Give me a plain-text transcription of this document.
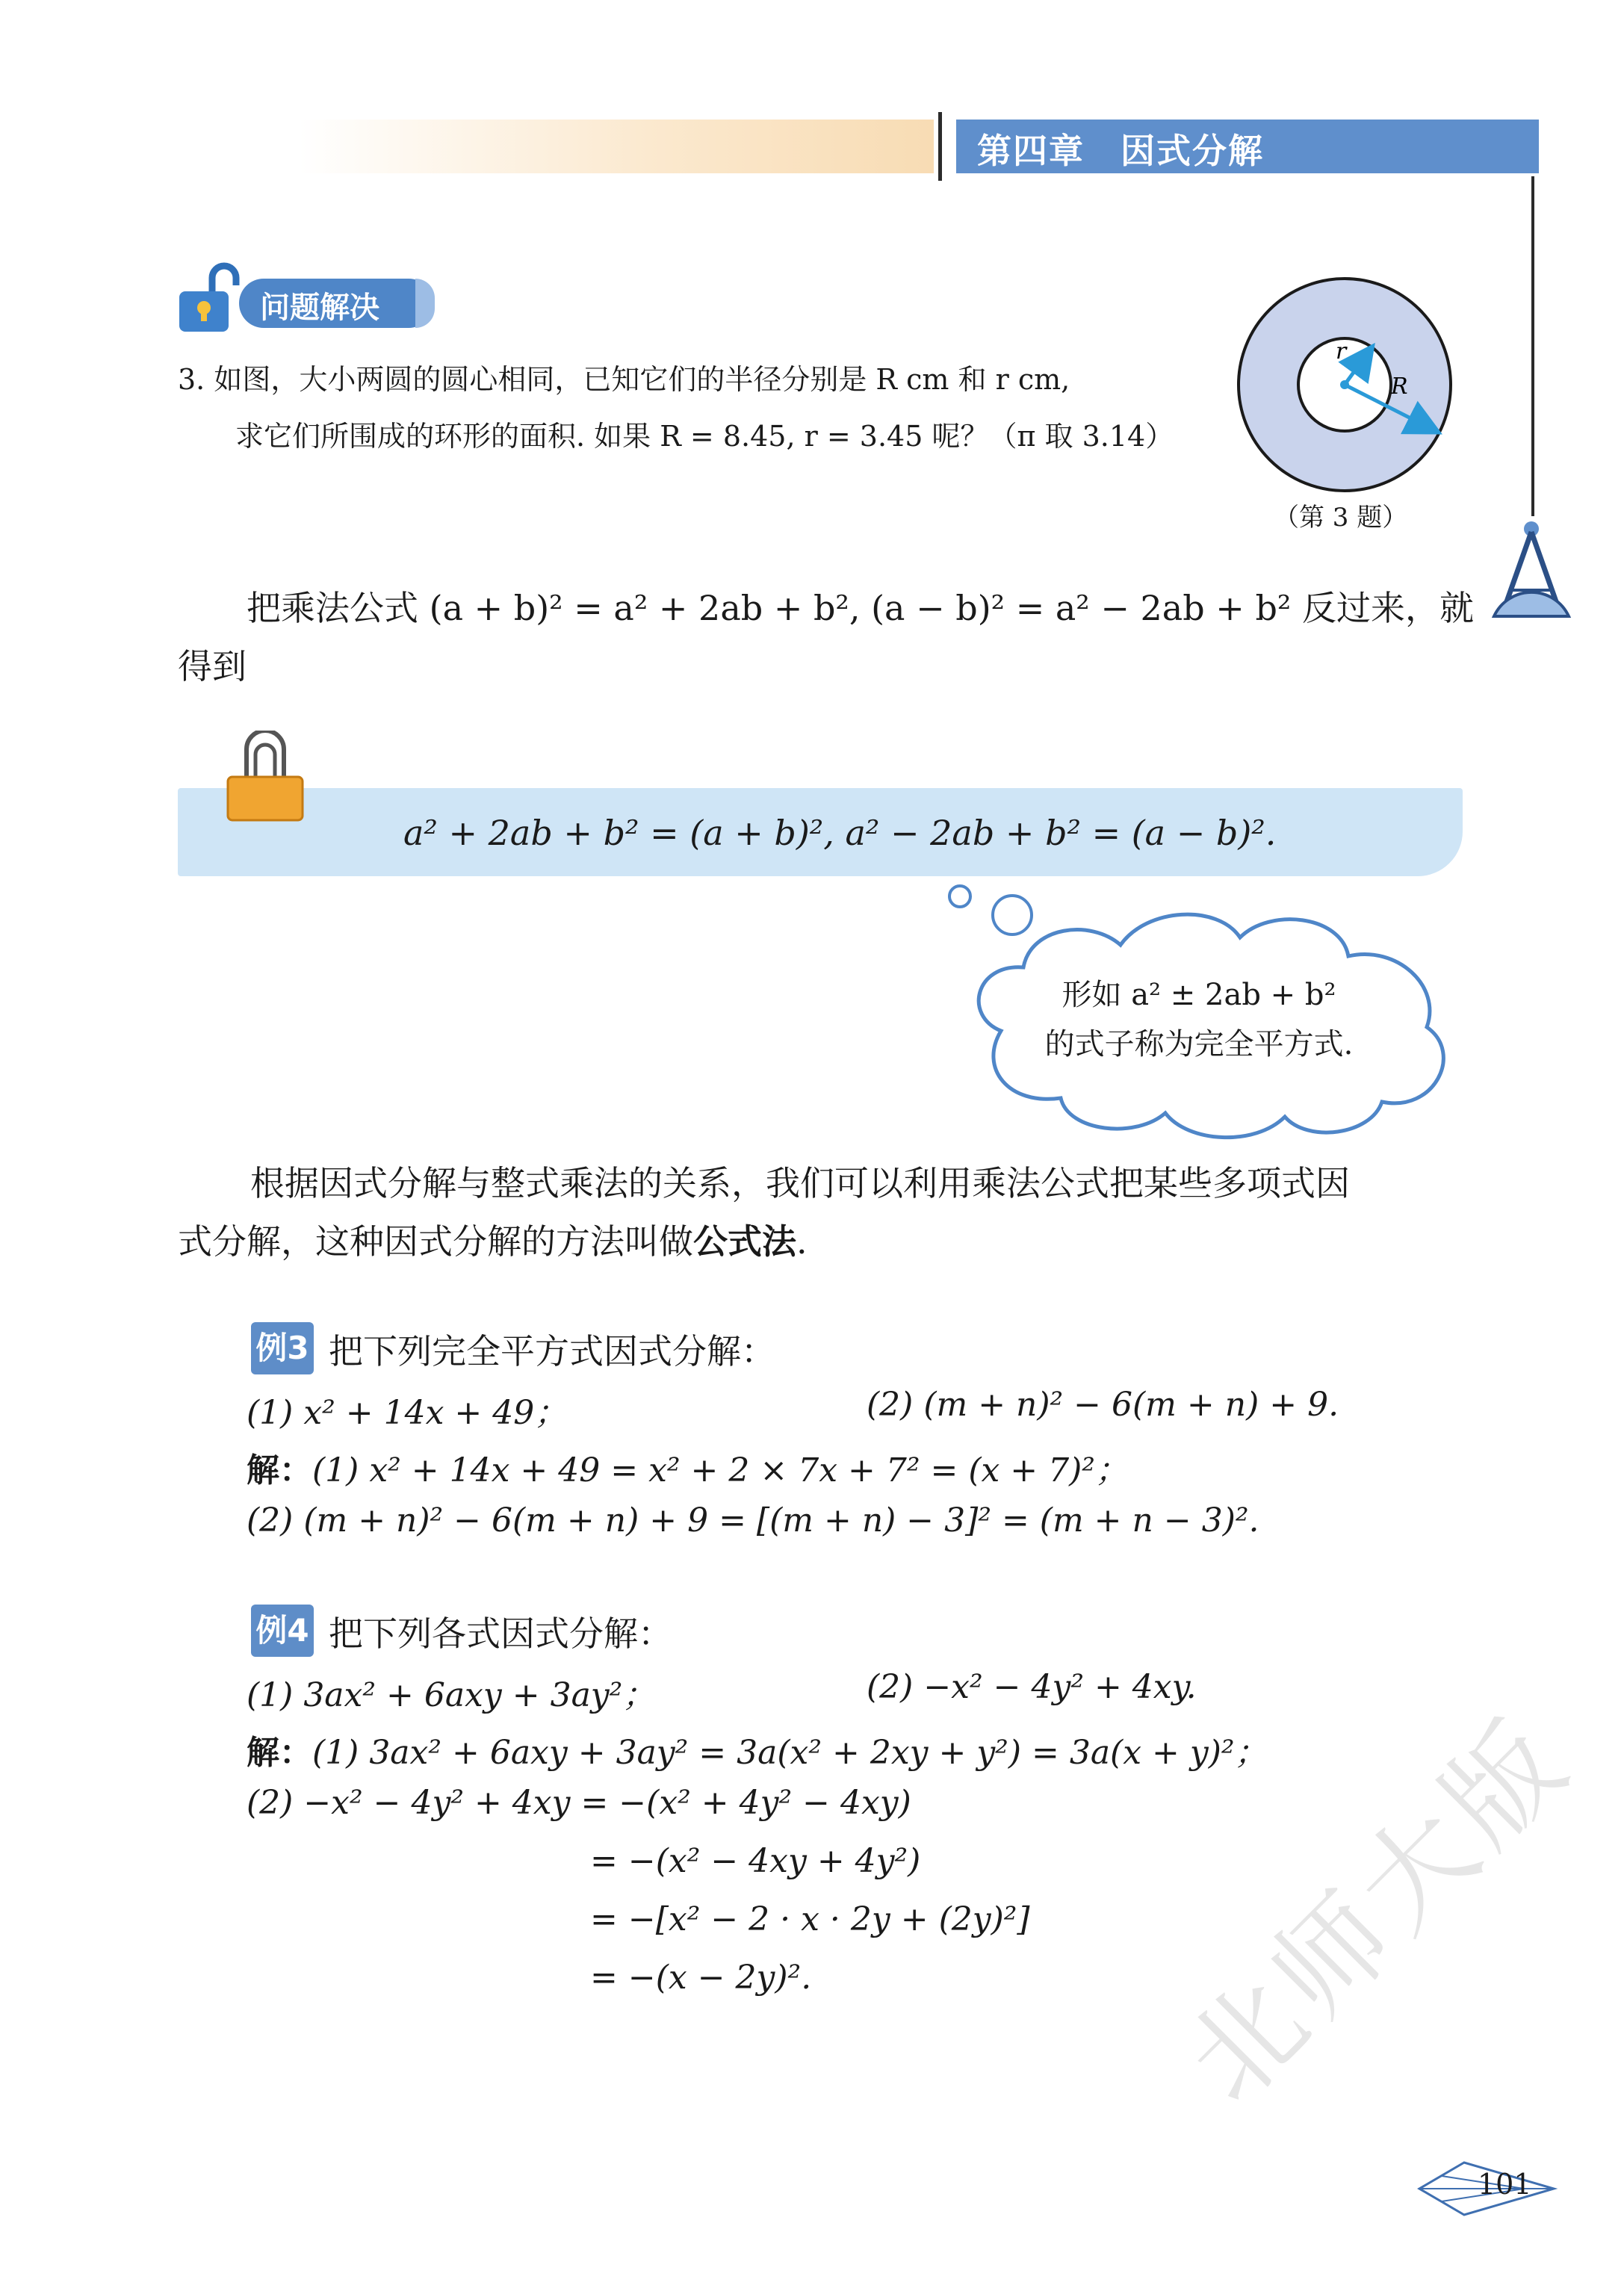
第四章　因式分解
问题解决
3. 如图，大小两圆的圆心相同，已知它们的半径分别是 R cm 和 r cm,
求它们所围成的环形的面积. 如果 R = 8.45, r = 3.45 呢？（π 取 3.14）
r
R
（第 3 题）
把乘法公式 (a + b)² = a² + 2ab + b², (a − b)² = a² − 2ab + b² 反过来，就
得到
a² + 2ab + b² = (a + b)², a² − 2ab + b² = (a − b)².
形如 a² ± 2ab + b²
的式子称为完全平方式.
根据因式分解与整式乘法的关系，我们可以利用乘法公式把某些多项式因
式分解，这种因式分解的方法叫做公式法.
例3 把下列完全平方式因式分解：
(1) x² + 14x + 49；	(2) (m + n)² − 6(m + n) + 9.
解：(1) x² + 14x + 49 = x² + 2 × 7x + 7² = (x + 7)²；
(2) (m + n)² − 6(m + n) + 9 = [(m + n) − 3]² = (m + n − 3)².
例4 把下列各式因式分解：
(1) 3ax² + 6axy + 3ay²；	(2) −x² − 4y² + 4xy.
解：(1) 3ax² + 6axy + 3ay² = 3a(x² + 2xy + y²) = 3a(x + y)²；
(2) −x² − 4y² + 4xy = −(x² + 4y² − 4xy)
= −(x² − 4xy + 4y²)
= −[x² − 2 · x · 2y + (2y)²]
= −(x − 2y)².	北师大版
101
